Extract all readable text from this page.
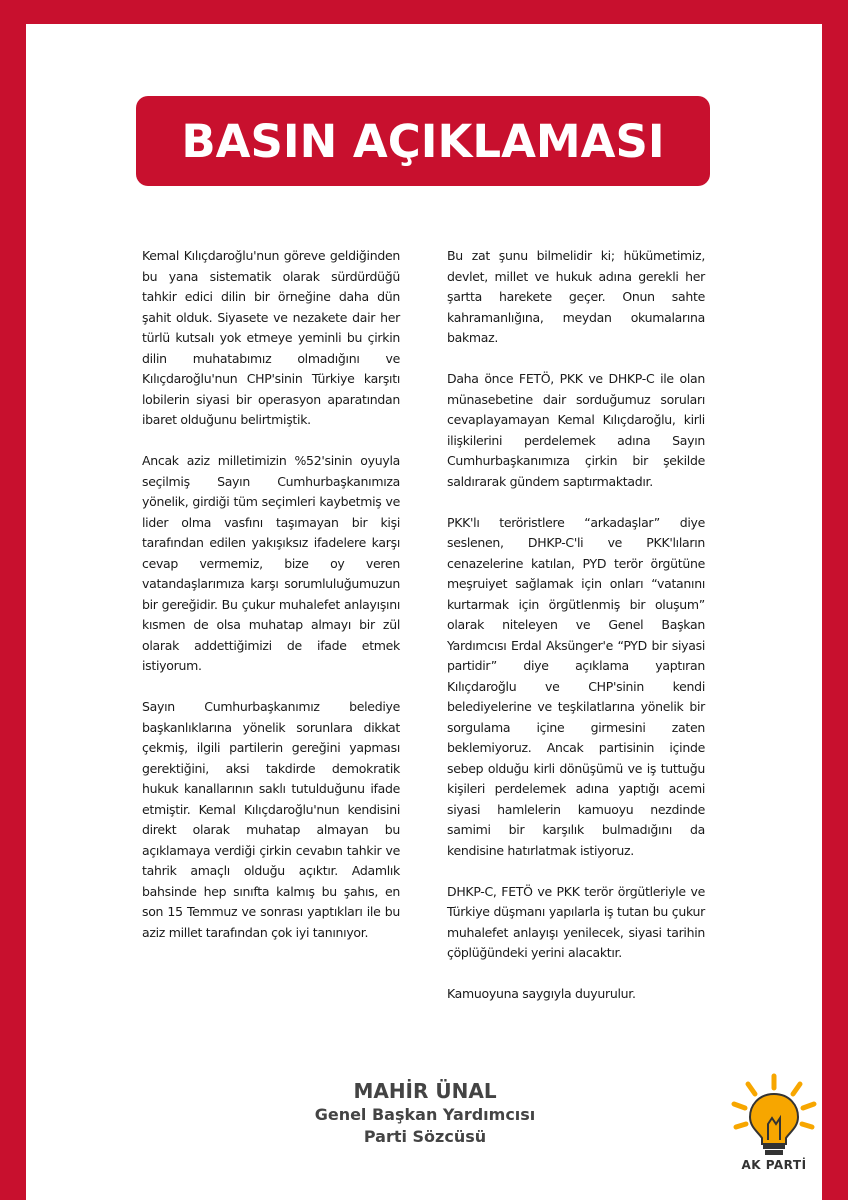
BASIN AÇIKLAMASI

Kemal Kılıçdaroğlu'nun göreve geldiğinden bu yana sistematik olarak sürdürdüğü tahkir edici dilin bir örneğine daha dün şahit olduk. Siyasete ve nezakete dair her türlü kutsalı yok etmeye yeminli bu çirkin dilin muhatabımız olmadığını ve Kılıçdaroğlu'nun CHP'sinin Türkiye karşıtı lobilerin siyasi bir operasyon aparatından ibaret olduğunu belirtmiştik.

Ancak aziz milletimizin %52'sinin oyuyla seçilmiş Sayın Cumhurbaşkanımıza yönelik, girdiği tüm seçimleri kaybetmiş ve lider olma vasfını taşımayan bir kişi tarafından edilen yakışıksız ifadelere karşı cevap vermemiz, bize oy veren vatandaşlarımıza karşı sorumluluğumuzun bir gereğidir. Bu çukur muhalefet anlayışını kısmen de olsa muhatap almayı bir zül olarak addettiğimizi de ifade etmek istiyorum.

Sayın Cumhurbaşkanımız belediye başkanlıklarına yönelik sorunlara dikkat çekmiş, ilgili partilerin gereğini yapması gerektiğini, aksi takdirde demokratik hukuk kanallarının saklı tutulduğunu ifade etmiştir. Kemal Kılıçdaroğlu'nun kendisini direkt olarak muhatap almayan bu açıklamaya verdiği çirkin cevabın tahkir ve tahrik amaçlı olduğu açıktır. Adamlık bahsinde hep sınıfta kalmış bu şahıs, en son 15 Temmuz ve sonrası yaptıkları ile bu aziz millet tarafından çok iyi tanınıyor.

Bu zat şunu bilmelidir ki; hükümetimiz, devlet, millet ve hukuk adına gerekli her şartta harekete geçer. Onun sahte kahramanlığına, meydan okumalarına bakmaz.

Daha önce FETÖ, PKK ve DHKP-C ile olan münasebetine dair sorduğumuz soruları cevaplayamayan Kemal Kılıçdaroğlu, kirli ilişkilerini perdelemek adına Sayın Cumhurbaşkanımıza çirkin bir şekilde saldırarak gündem saptırmaktadır.

PKK'lı teröristlere “arkadaşlar” diye seslenen, DHKP-C'li ve PKK'lıların cenazelerine katılan, PYD terör örgütüne meşruiyet sağlamak için onları “vatanını kurtarmak için örgütlenmiş bir oluşum” olarak niteleyen ve Genel Başkan Yardımcısı Erdal Aksünger'e “PYD bir siyasi partidir” diye açıklama yaptıran Kılıçdaroğlu ve CHP'sinin kendi belediyelerine ve teşkilatlarına yönelik bir sorgulama içine girmesini zaten beklemiyoruz. Ancak partisinin içinde sebep olduğu kirli dönüşümü ve iş tuttuğu kişileri perdelemek adına yaptığı acemi siyasi hamlelerin kamuoyu nezdinde samimi bir karşılık bulmadığını da kendisine hatırlatmak istiyoruz.

DHKP-C, FETÖ ve PKK terör örgütleriyle ve Türkiye düşmanı yapılarla iş tutan bu çukur muhalefet anlayışı yenilecek, siyasi tarihin çöplüğündeki yerini alacaktır.

Kamuoyuna saygıyla duyurulur.

MAHİR ÜNAL
Genel Başkan Yardımcısı
Parti Sözcüsü
AK PARTİ
